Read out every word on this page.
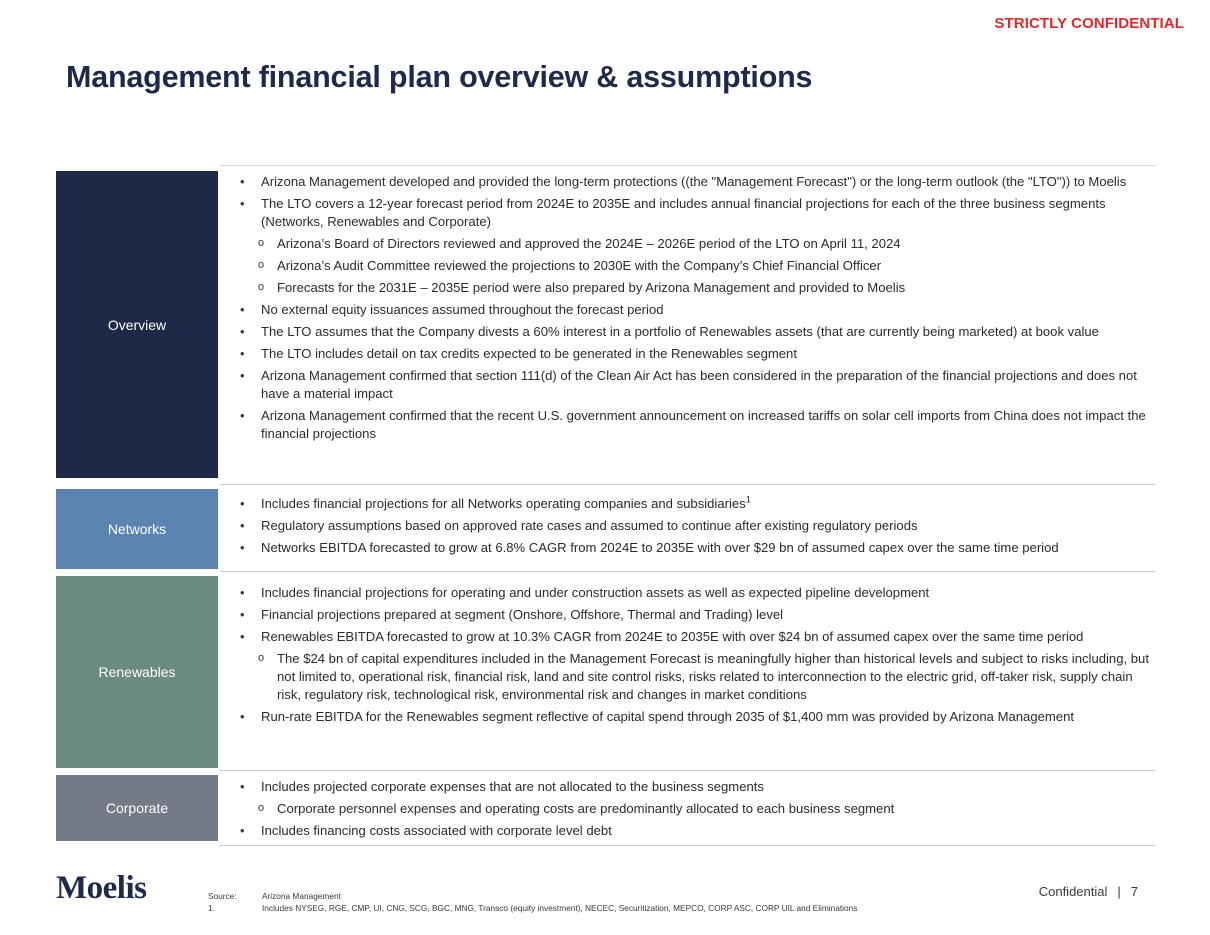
STRICTLY CONFIDENTIAL
Management financial plan overview & assumptions
Overview
• Arizona Management developed and provided the long-term protections ((the "Management Forecast") or the long-term outlook (the "LTO")) to Moelis
• The LTO covers a 12-year forecast period from 2024E to 2035E and includes annual financial projections for each of the three business segments (Networks, Renewables and Corporate)
o Arizona’s Board of Directors reviewed and approved the 2024E – 2026E period of the LTO on April 11, 2024
o Arizona’s Audit Committee reviewed the projections to 2030E with the Company’s Chief Financial Officer
o Forecasts for the 2031E – 2035E period were also prepared by Arizona Management and provided to Moelis
• No external equity issuances assumed throughout the forecast period
• The LTO assumes that the Company divests a 60% interest in a portfolio of Renewables assets (that are currently being marketed) at book value
• The LTO includes detail on tax credits expected to be generated in the Renewables segment
• Arizona Management confirmed that section 111(d) of the Clean Air Act has been considered in the preparation of the financial projections and does not have a material impact
• Arizona Management confirmed that the recent U.S. government announcement on increased tariffs on solar cell imports from China does not impact the financial projections
Networks
• Includes financial projections for all Networks operating companies and subsidiaries$^1$
• Regulatory assumptions based on approved rate cases and assumed to continue after existing regulatory periods
• Networks EBITDA forecasted to grow at 6.8% CAGR from 2024E to 2035E with over $29 bn of assumed capex over the same time period
Renewables
• Includes financial projections for operating and under construction assets as well as expected pipeline development
• Financial projections prepared at segment (Onshore, Offshore, Thermal and Trading) level
• Renewables EBITDA forecasted to grow at 10.3% CAGR from 2024E to 2035E with over $24 bn of assumed capex over the same time period
o The $24 bn of capital expenditures included in the Management Forecast is meaningfully higher than historical levels and subject to risks including, but not limited to, operational risk, financial risk, land and site control risks, risks related to interconnection to the electric grid, off-taker risk, supply chain risk, regulatory risk, technological risk, environmental risk and changes in market conditions
• Run-rate EBITDA for the Renewables segment reflective of capital spend through 2035 of $1,400 mm was provided by Arizona Management
Corporate
• Includes projected corporate expenses that are not allocated to the business segments
o Corporate personnel expenses and operating costs are predominantly allocated to each business segment
• Includes financing costs associated with corporate level debt
Moelis	Source:	Arizona Management
1.	Includes NYSEG, RGE, CMP, UI, CNG, SCG, BGC, MNG, Transco (equity investment), NECEC, Securitization, MEPCO, CORP ASC, CORP UIL and Eliminations
Confidential | 7
